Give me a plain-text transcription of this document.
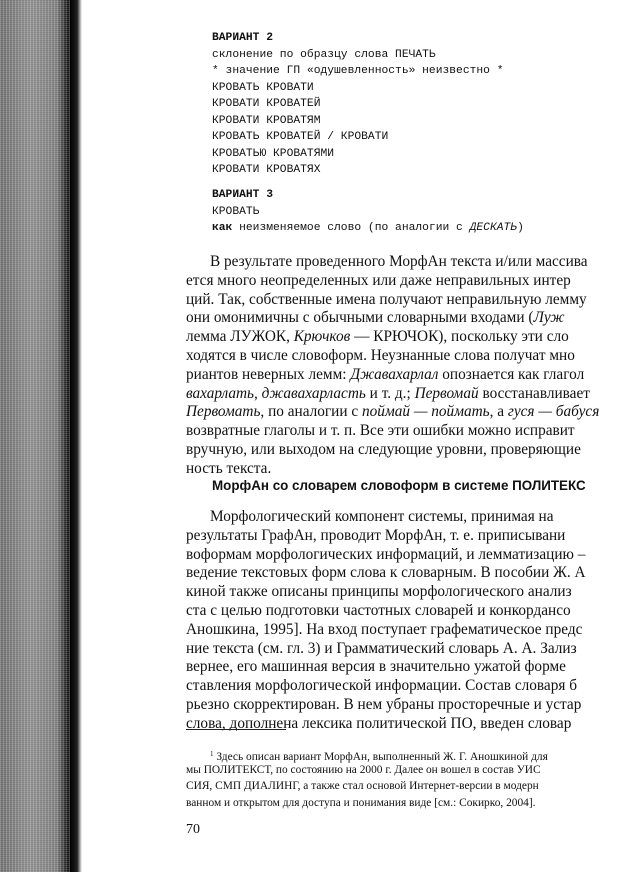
ВАРИАНТ 2
склонение по образцу слова ПЕЧАТЬ
* значение ГП «одушевленность» неизвестно *
КРОВАТЬ КРОВАТИ
КРОВАТИ КРОВАТЕЙ
КРОВАТИ КРОВАТЯМ
КРОВАТЬ КРОВАТЕЙ / КРОВАТИ
КРОВАТЬЮ КРОВАТЯМИ
КРОВАТИ КРОВАТЯХ
ВАРИАНТ 3
КРОВАТЬ
как неизменяемое слово (по аналогии с ДЕСКАТЬ)
В результате проведенного МорфАн текста и/или массива
ется много неопределенных или даже неправильных интер
ций. Так, собственные имена получают неправильную лемму
они омонимичны с обычными словарными входами (Луж
лемма ЛУЖОК, Крючков — КРЮЧОК), поскольку эти сло
ходятся в числе словоформ. Неузнанные слова получат мно
риантов неверных лемм: Джавахарлал опознается как глагол
вахарлать, джавахарласть и т. д.; Первомай восстанавливает
Первомать, по аналогии с поймай — поймать, а гуся — бабуся
возвратные глаголы и т. п. Все эти ошибки можно исправит
вручную, или выходом на следующие уровни, проверяющие
ность текста.
МорфАн со словарем словоформ в системе ПОЛИТЕКС
Морфологический компонент системы, принимая на
результаты ГрафАн, проводит МорфАн, т. е. приписывани
воформам морфологических информаций, и лемматизацию –
ведение текстовых форм слова к словарным. В пособии Ж. А
киной также описаны принципы морфологического анализ
ста с целью подготовки частотных словарей и конкордансо
Аношкина, 1995]. На вход поступает графематическое предс
ние текста (см. гл. 3) и Грамматический словарь А. А. Зализ
вернее, его машинная версия в значительно ужатой форме
ставления морфологической информации. Состав словаря б
рьезно скорректирован. В нем убраны просторечные и устар
слова, дополнена лексика политической ПО, введен словар
$^1$ Здесь описан вариант МорфАн, выполненный Ж. Г. Аношкиной для
мы ПОЛИТЕКСТ, по состоянию на 2000 г. Далее он вошел в состав УИС
СИЯ, СМП ДИАЛИНГ, а также стал основой Интернет-версии в модерн
ванном и открытом для доступа и понимания виде [см.: Сокирко, 2004].
70
